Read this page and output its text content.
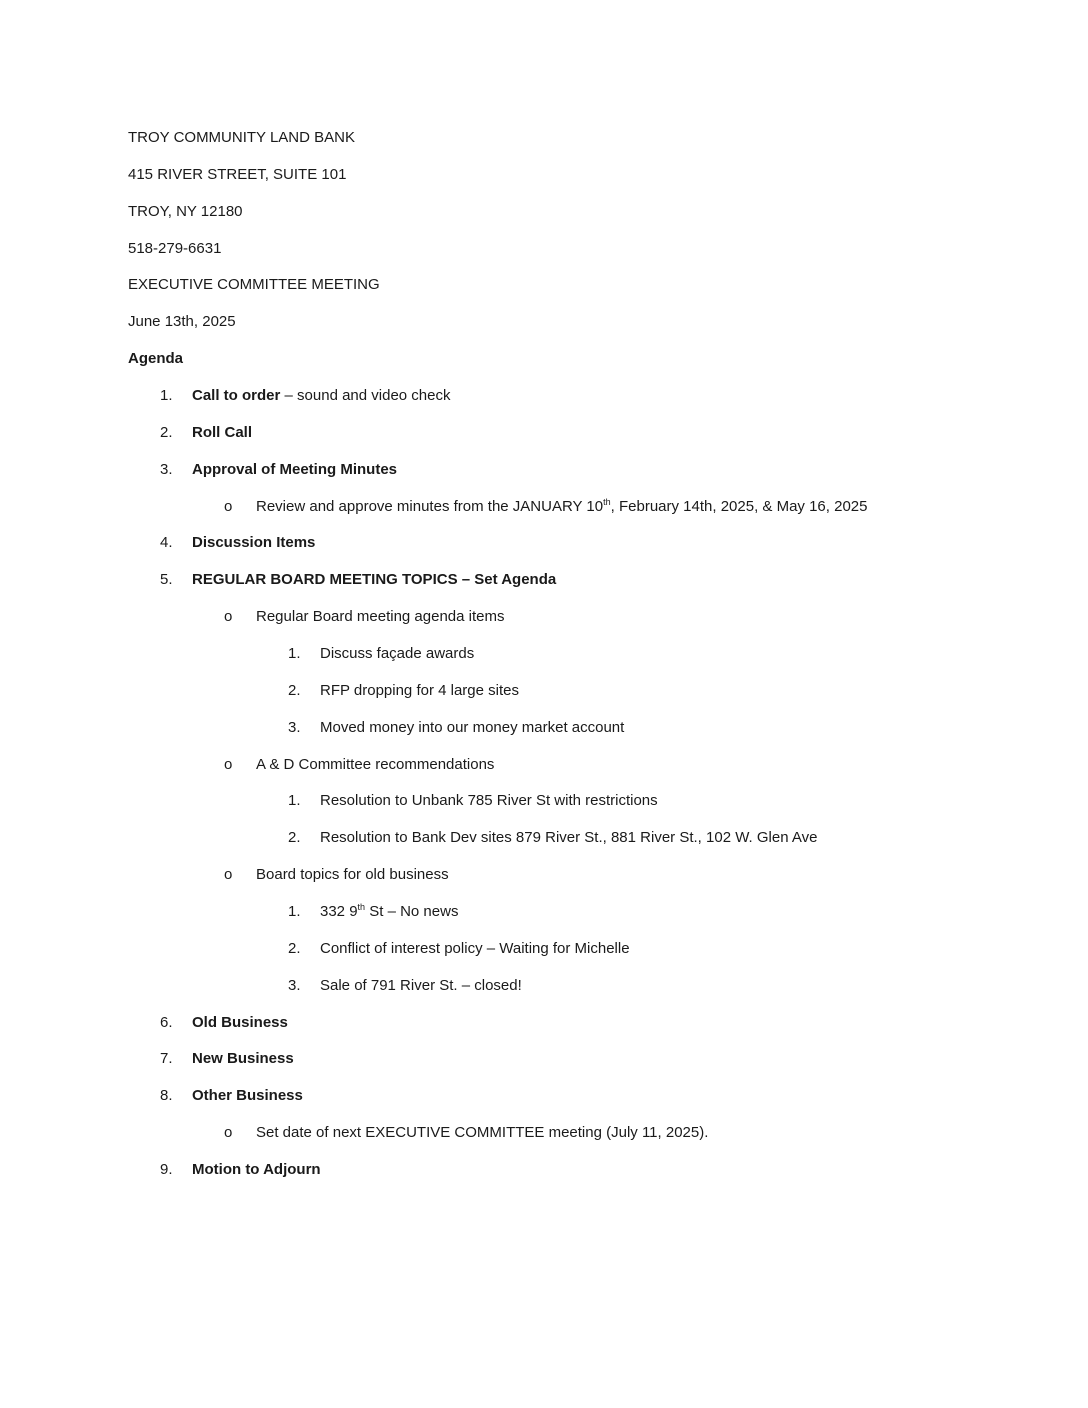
TROY COMMUNITY LAND BANK
415 RIVER STREET, SUITE 101
TROY, NY 12180
518-279-6631
EXECUTIVE COMMITTEE MEETING
June 13th, 2025
Agenda
1. Call to order – sound and video check
2. Roll Call
3. Approval of Meeting Minutes
o Review and approve minutes from the JANUARY 10th, February 14th, 2025, & May 16, 2025
4. Discussion Items
5. REGULAR BOARD MEETING TOPICS – Set Agenda
o Regular Board meeting agenda items
1. Discuss façade awards
2. RFP dropping for 4 large sites
3. Moved money into our money market account
o A & D Committee recommendations
1. Resolution to Unbank 785 River St with restrictions
2. Resolution to Bank Dev sites 879 River St., 881 River St., 102 W. Glen Ave
o Board topics for old business
1. 332 9th St – No news
2. Conflict of interest policy – Waiting for Michelle
3. Sale of 791 River St. – closed!
6. Old Business
7. New Business
8. Other Business
o Set date of next EXECUTIVE COMMITTEE meeting (July 11, 2025).
9. Motion to Adjourn
